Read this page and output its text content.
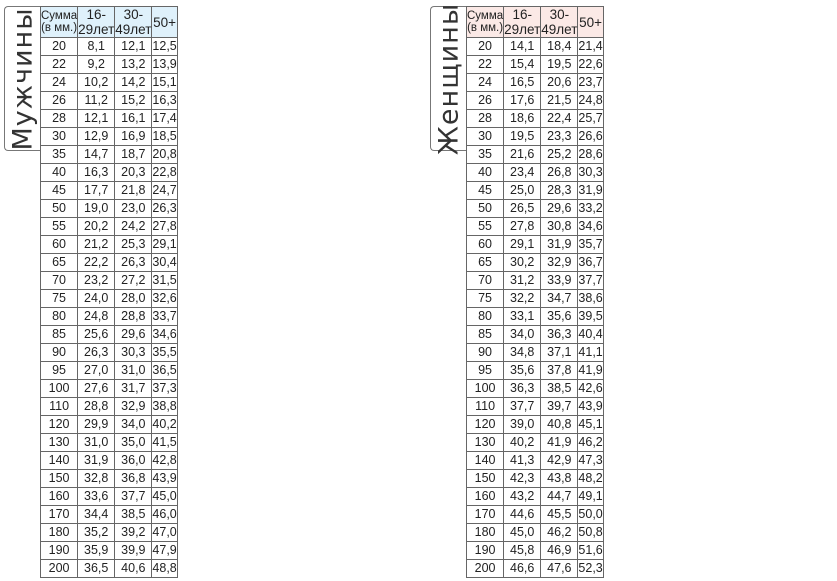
Мужчины Сумма (в мм.)	16-29лет	30-49лет	50+
20	8,1	12,1	12,5
22	9,2	13,2	13,9
24	10,2	14,2	15,1
26	11,2	15,2	16,3
28	12,1	16,1	17,4
30	12,9	16,9	18,5
35	14,7	18,7	20,8
40	16,3	20,3	22,8
45	17,7	21,8	24,7
50	19,0	23,0	26,3
55	20,2	24,2	27,8
60	21,2	25,3	29,1
65	22,2	26,3	30,4
70	23,2	27,2	31,5
75	24,0	28,0	32,6
80	24,8	28,8	33,7
85	25,6	29,6	34,6
90	26,3	30,3	35,5
95	27,0	31,0	36,5
100	27,6	31,7	37,3
110	28,8	32,9	38,8
120	29,9	34,0	40,2
130	31,0	35,0	41,5
140	31,9	36,0	42,8
150	32,8	36,8	43,9
160	33,6	37,7	45,0
170	34,4	38,5	46,0
180	35,2	39,2	47,0
190	35,9	39,9	47,9
200	36,5	40,6	48,8
Женщины Сумма (в мм.)	16-29лет	30-49лет	50+
20	14,1	18,4	21,4
22	15,4	19,5	22,6
24	16,5	20,6	23,7
26	17,6	21,5	24,8
28	18,6	22,4	25,7
30	19,5	23,3	26,6
35	21,6	25,2	28,6
40	23,4	26,8	30,3
45	25,0	28,3	31,9
50	26,5	29,6	33,2
55	27,8	30,8	34,6
60	29,1	31,9	35,7
65	30,2	32,9	36,7
70	31,2	33,9	37,7
75	32,2	34,7	38,6
80	33,1	35,6	39,5
85	34,0	36,3	40,4
90	34,8	37,1	41,1
95	35,6	37,8	41,9
100	36,3	38,5	42,6
110	37,7	39,7	43,9
120	39,0	40,8	45,1
130	40,2	41,9	46,2
140	41,3	42,9	47,3
150	42,3	43,8	48,2
160	43,2	44,7	49,1
170	44,6	45,5	50,0
180	45,0	46,2	50,8
190	45,8	46,9	51,6
200	46,6	47,6	52,3
